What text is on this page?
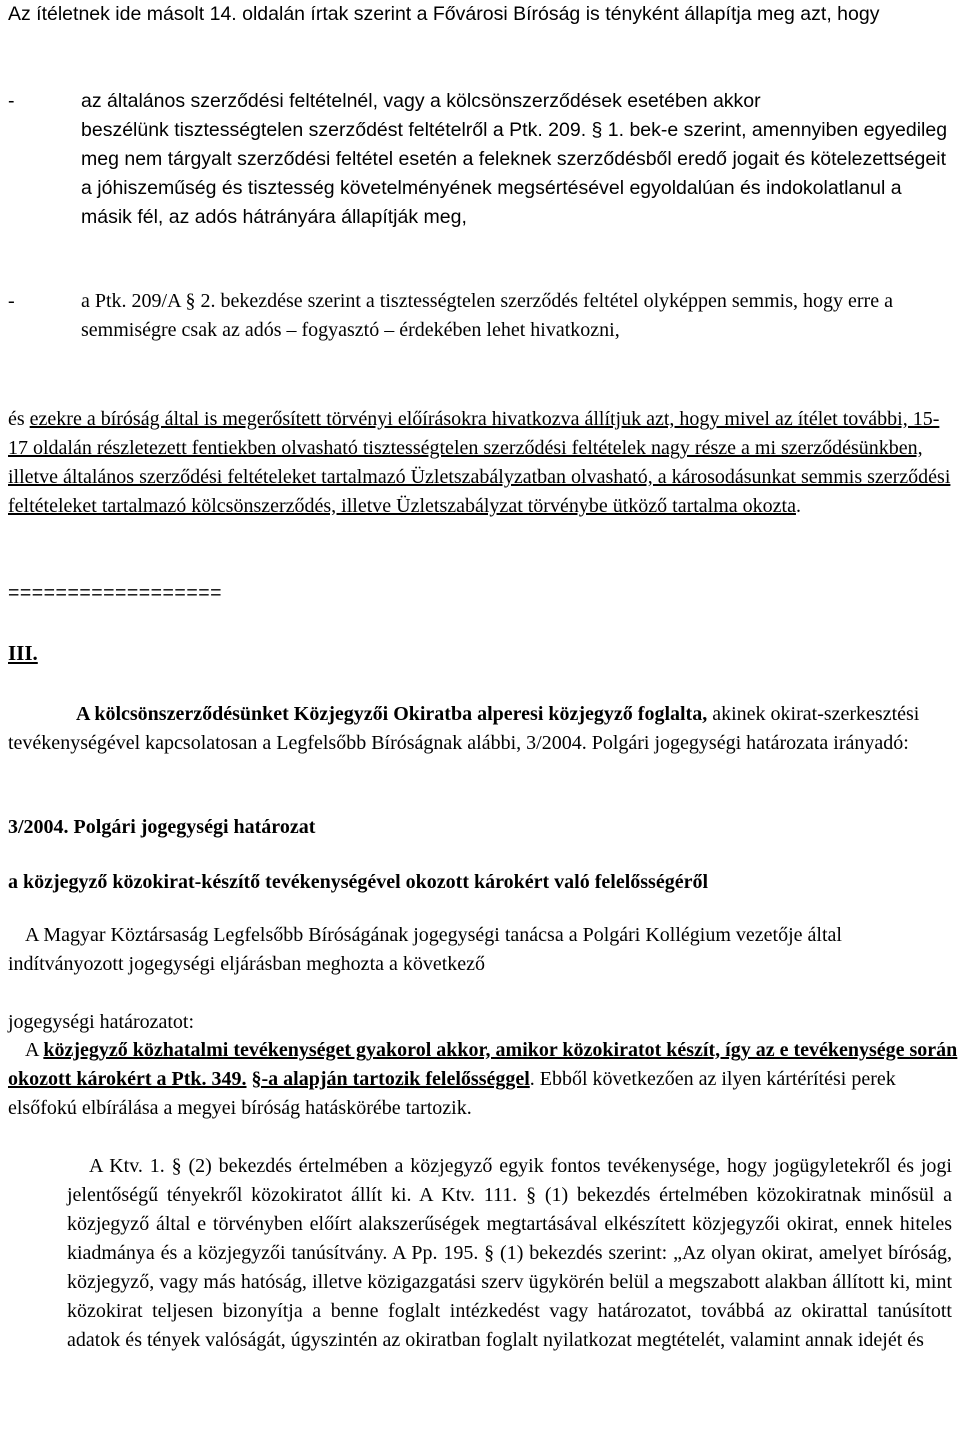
Az ítéletnek ide másolt 14. oldalán írtak szerint a Fővárosi Bíróság is tényként állapítja meg azt, hogy
-	az általános szerződési feltételnél, vagy a kölcsönszerződések esetében akkor
beszélünk tisztességtelen szerződést feltételről a Ptk. 209. § 1. bek-e szerint, amennyiben egyedileg meg nem tárgyalt szerződési feltétel esetén a feleknek szerződésből eredő jogait és kötelezettségeit a jóhiszeműség és tisztesség követelményének megsértésével egyoldalúan és indokolatlanul a másik fél, az adós hátrányára állapítják meg,
-	a Ptk. 209/A § 2. bekezdése szerint a tisztességtelen szerződés feltétel olyképpen semmis, hogy erre a semmiségre csak az adós – fogyasztó – érdekében lehet hivatkozni,
és ezekre a bíróság által is megerősített törvényi előírásokra hivatkozva állítjuk azt, hogy mivel az ítélet további, 15-17 oldalán részletezett fentiekben olvasható tisztességtelen szerződési feltételek nagy része a mi szerződésünkben, illetve általános szerződési feltételeket tartalmazó Üzletszabályzatban olvasható, a károsodásunkat semmis szerződési feltételeket tartalmazó kölcsönszerződés, illetve Üzletszabályzat törvénybe ütköző tartalma okozta.
==================
III.
A kölcsönszerződésünket Közjegyzői Okiratba alperesi közjegyző foglalta, akinek okirat-szerkesztési tevékenységével kapcsolatosan a Legfelsőbb Bíróságnak alábbi, 3/2004. Polgári jogegységi határozata irányadó:
3/2004. Polgári jogegységi határozat
a közjegyző közokirat-készítő tevékenységével okozott károkért való felelősségéről
A Magyar Köztársaság Legfelsőbb Bíróságának jogegységi tanácsa a Polgári Kollégium vezetője által indítványozott jogegységi eljárásban meghozta a következő
jogegységi határozatot:
A közjegyző közhatalmi tevékenységet gyakorol akkor, amikor közokiratot készít, így az e tevékenysége során okozott károkért a Ptk. 349. §-a alapján tartozik felelősséggel. Ebből következően az ilyen kártérítési perek elsőfokú elbírálása a megyei bíróság hatáskörébe tartozik.
A Ktv. 1. § (2) bekezdés értelmében a közjegyző egyik fontos tevékenysége, hogy jogügyletekről és jogi jelentőségű tényekről közokiratot állít ki. A Ktv. 111. § (1) bekezdés értelmében közokiratnak minősül a közjegyző által e törvényben előírt alakszerűségek megtartásával elkészített közjegyzői okirat, ennek hiteles kiadmánya és a közjegyzői tanúsítvány. A Pp. 195. § (1) bekezdés szerint: „Az olyan okirat, amelyet bíróság, közjegyző, vagy más hatóság, illetve közigazgatási szerv ügykörén belül a megszabott alakban állított ki, mint közokirat teljesen bizonyítja a benne foglalt intézkedést vagy határozatot, továbbá az okirattal tanúsított adatok és tények valóságát, úgyszintén az okiratban foglalt nyilatkozat megtételét, valamint annak idejét és
